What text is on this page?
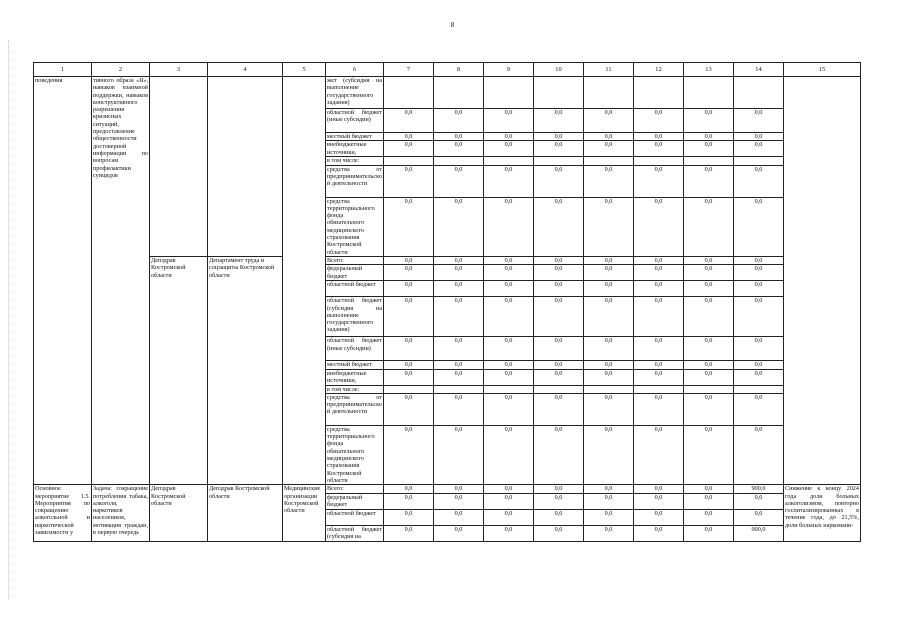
8
1	2	3	4	5	6	7	8	9	10	11	12	13	14	15
поведения	тивного образа «Я», навыков взаимной поддержки, навыков конструктивного разрешения кризисных ситуаций, предоставление общественности достоверной информации по вопросам профилактики суицидов				жет (субсидия на выполнение государственного задания)									
					областной бюджет (иные субсидии)	0,0	0,0	0,0	0,0	0,0	0,0	0,0	0,0	
					местный бюджет	0,0	0,0	0,0	0,0	0,0	0,0	0,0	0,0	
					внебюджетные источники,	0,0	0,0	0,0	0,0	0,0	0,0	0,0	0,0	
					в том числе:									
					средства от предпринимательской деятельности	0,0	0,0	0,0	0,0	0,0	0,0	0,0	0,0	
					средства территориального фонда обязательного медицинского страхования Костромской области	0,0	0,0	0,0	0,0	0,0	0,0	0,0	0,0	
		Депздрав Костромской области	Департамент труда и соцзащиты Костромской области		Всего:	0,0	0,0	0,0	0,0	0,0	0,0	0,0	0,0	
					федеральный бюджет	0,0	0,0	0,0	0,0	0,0	0,0	0,0	0,0	
					областной бюджет	0,0	0,0	0,0	0,0	0,0	0,0	0,0	0,0	
					областной бюджет (субсидия на выполнение государственного задания)	0,0	0,0	0,0	0,0	0,0	0,0	0,0	0,0	
					областной бюджет (иные субсидии)	0,0	0,0	0,0	0,0	0,0	0,0	0,0	0,0	
					местный бюджет	0,0	0,0	0,0	0,0	0,0	0,0	0,0	0,0	
					внебюджетные источники,	0,0	0,0	0,0	0,0	0,0	0,0	0,0	0,0	
					в том числе:									
					средства от предпринимательской деятельности	0,0	0,0	0,0	0,0	0,0	0,0	0,0	0,0	
					средства территориального фонда обязательного медицинского страхования Костромской области	0,0	0,0	0,0	0,0	0,0	0,0	0,0	0,0	
Основное мероприятие 1.5. Мероприятия по сокращению алкогольной и наркотической зависимости у	Задача: сокращение потребления табака, алкоголя, наркотиков населением, мотивация граждан, в первую очередь	Депздрав Костромской области	Депздрав Костромской области	Медицинские организации Костромской области	Всего:	0,0	0,0	0,0	0,0	0,0	0,0	0,0	900,0	Снижение к концу 2024 года доли больных алкоголизмом, повторно госпитализированных в течение года, до 21,5%, доли больных наркомани-
					федеральный бюджет	0,0	0,0	0,0	0,0	0,0	0,0	0,0	0,0	
					областной бюджет	0,0	0,0	0,0	0,0	0,0	0,0	0,0	0,0	
					областной бюджет (субсидия на	0,0	0,0	0,0	0,0	0,0	0,0	0,0	900,0	
